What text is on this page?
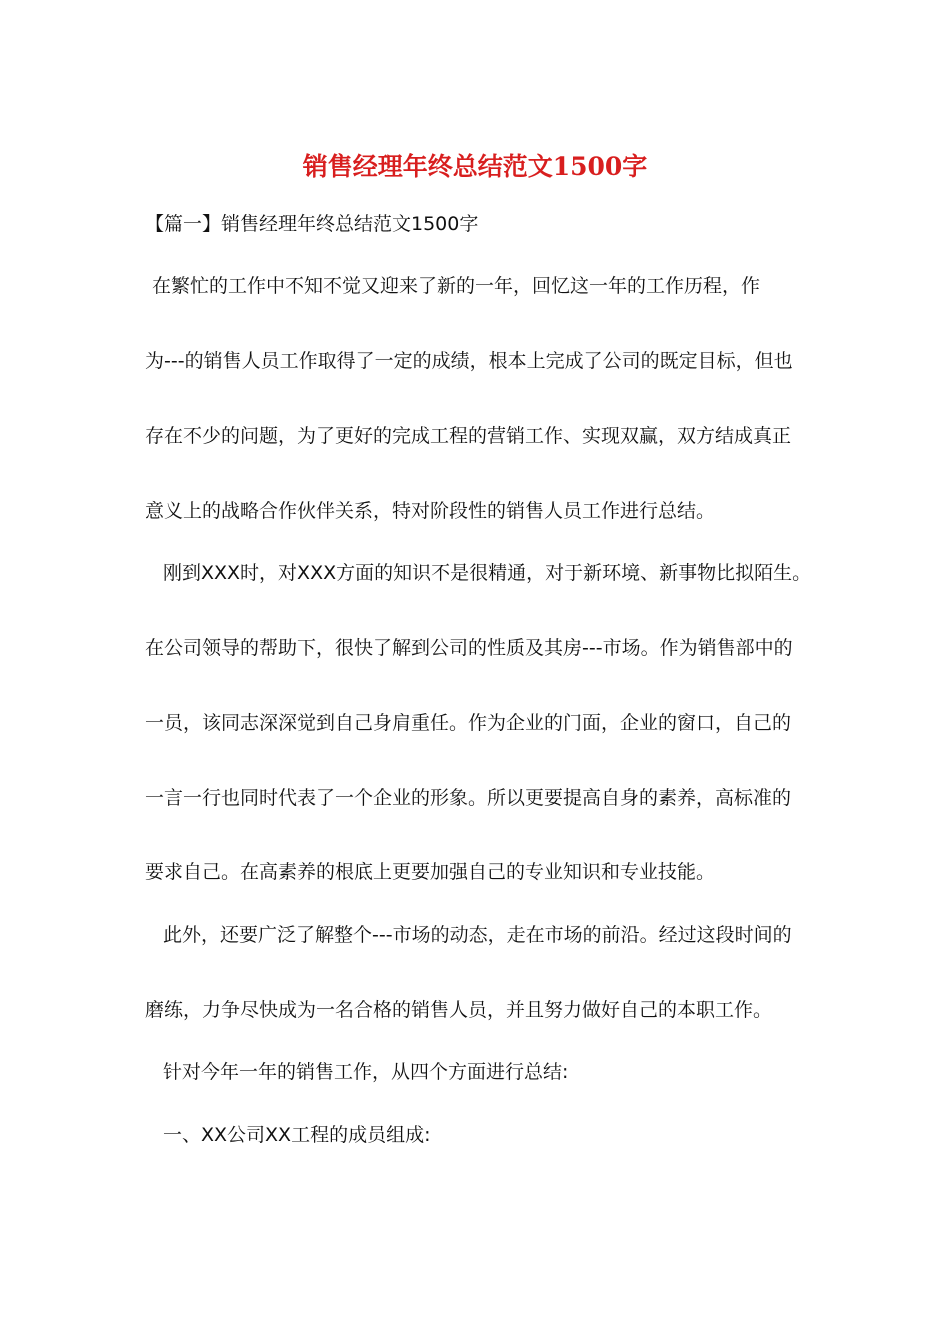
销售经理年终总结范文1500字

【篇一】销售经理年终总结范文1500字

在繁忙的工作中不知不觉又迎来了新的一年，回忆这一年的工作历程，作

为---的销售人员工作取得了一定的成绩，根本上完成了公司的既定目标，但也

存在不少的问题，为了更好的完成工程的营销工作、实现双赢，双方结成真正

意义上的战略合作伙伴关系，特对阶段性的销售人员工作进行总结。

刚到XXX时，对XXX方面的知识不是很精通，对于新环境、新事物比拟陌生。

在公司领导的帮助下，很快了解到公司的性质及其房---市场。作为销售部中的

一员，该同志深深觉到自己身肩重任。作为企业的门面，企业的窗口，自己的

一言一行也同时代表了一个企业的形象。所以更要提高自身的素养，高标准的

要求自己。在高素养的根底上更要加强自己的专业知识和专业技能。

此外，还要广泛了解整个---市场的动态，走在市场的前沿。经过这段时间的

磨练，力争尽快成为一名合格的销售人员，并且努力做好自己的本职工作。

针对今年一年的销售工作，从四个方面进行总结:

一、XX公司XX工程的成员组成:
